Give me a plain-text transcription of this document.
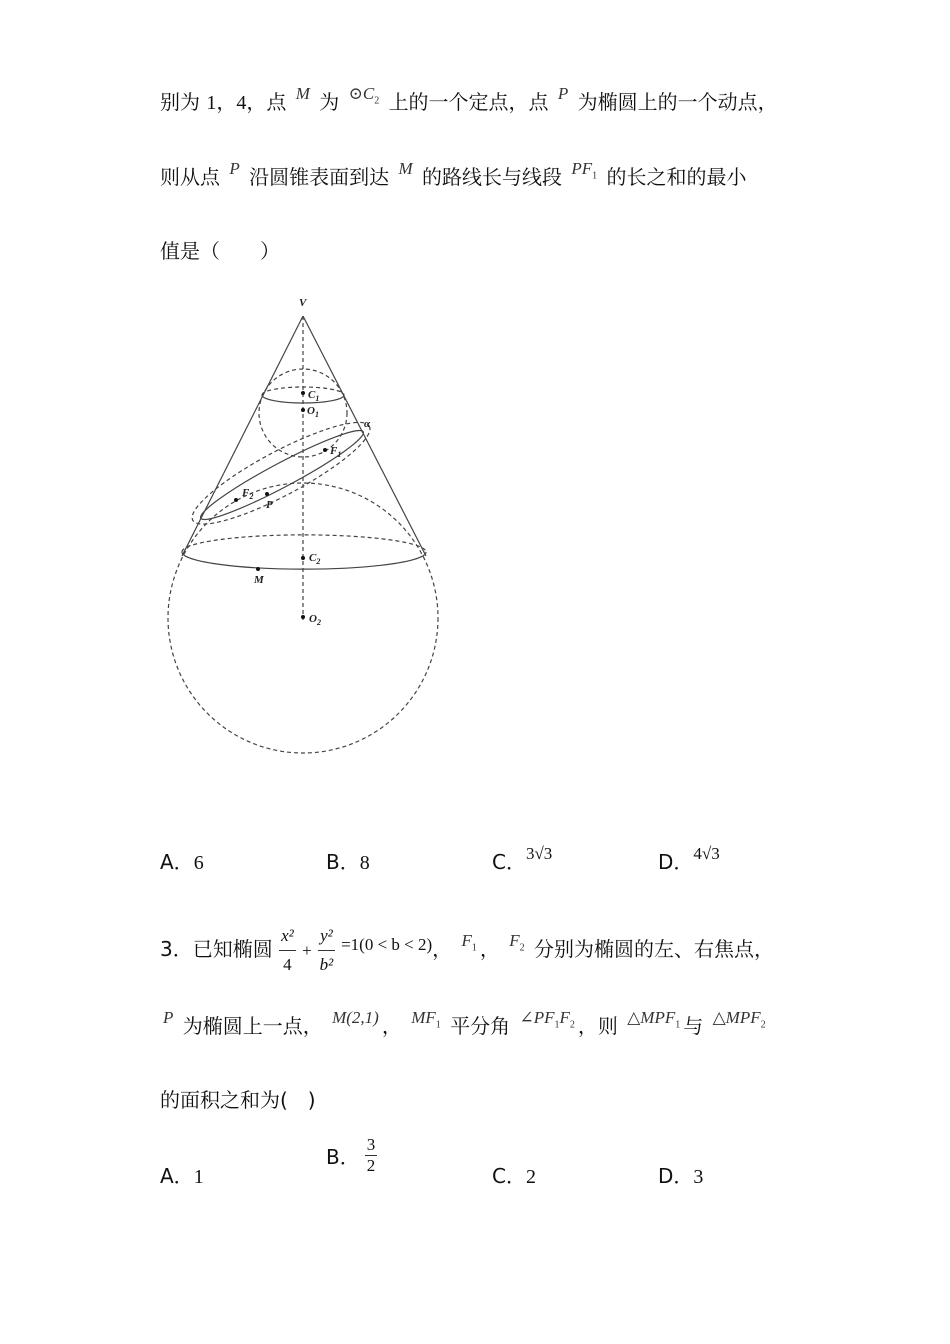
别为 1，4，点 $^M$ 为 $^{⊙C_2}$ 上的一个定点，点 $^P$ 为椭圆上的一个动点，
则从点 $^P$ 沿圆锥表面到达 $^M$ 的路线长与线段 $^{PF_1}$ 的长之和的最小
值是（　　）
V
$C_1$
$O_1$
α
$F_1$
$F_2$
P
$C_2$
M
$O_2$
A．6	B．8	C．$^{3√3}$	D．$^{4√3}$
3．已知椭圆 $\frac{\text{x²}}{4} + \frac{\text{y²}}{\text{b²}} ^{=1(0 < b < 2)}$， $^{F_1}$ ， $^{F_2}$ 分别为椭圆的左、右焦点，
$^P$ 为椭圆上一点， $^{M(2,1)}$ ， $^{MF_1}$ 平分角 $^{\angle PF_1F_2}$ ，则 $^{\triangle MPF_1}$ 与 $^{\triangle MPF_2}$
的面积之和为(　)
A．1
B． $\frac{3}{2}$	C．2	D．3
